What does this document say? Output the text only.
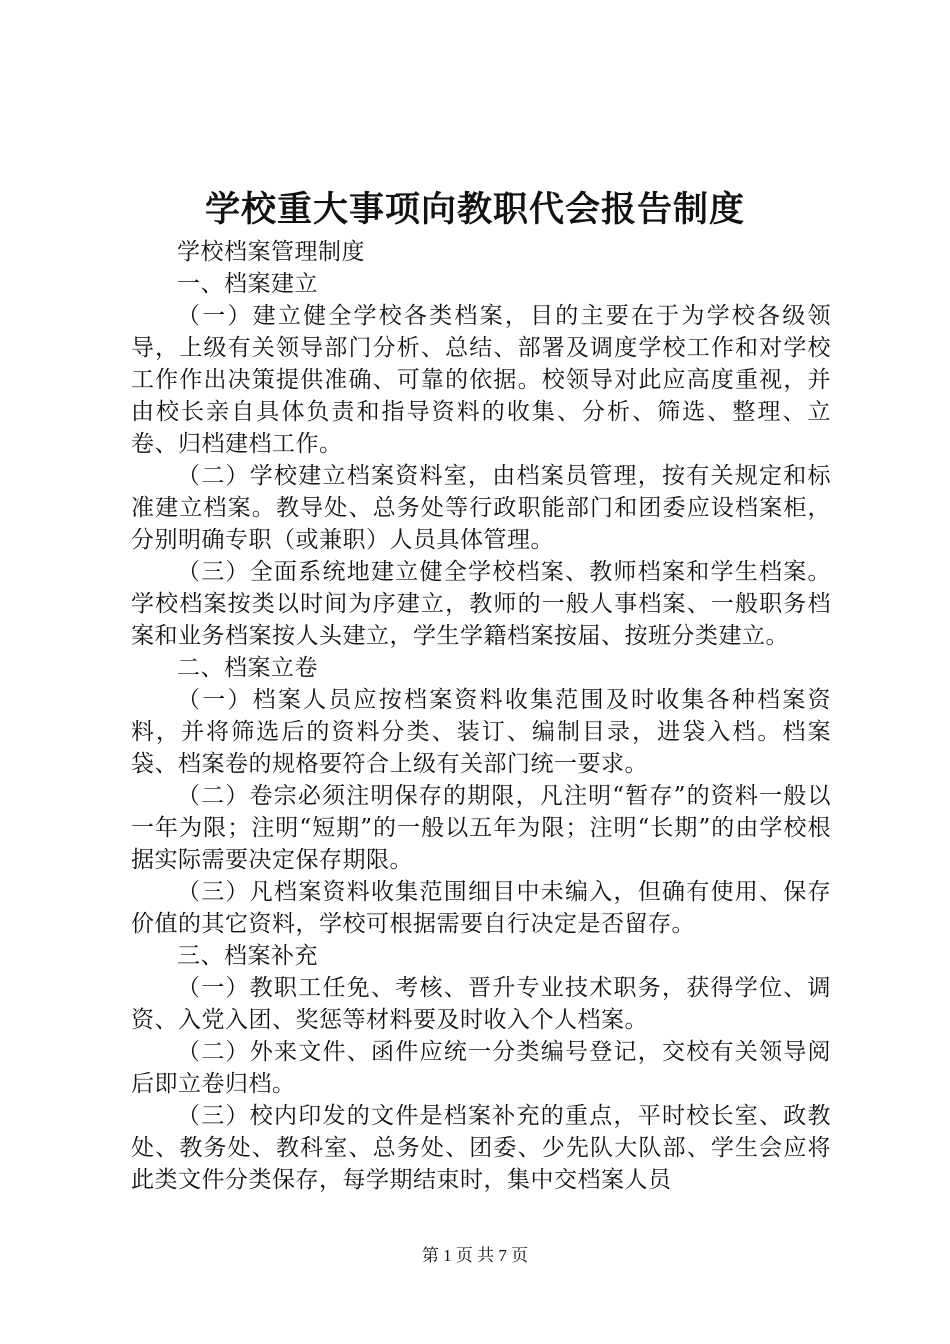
学校重大事项向教职代会报告制度

学校档案管理制度

一、档案建立

（一）建立健全学校各类档案，目的主要在于为学校各级领导，上级有关领导部门分析、总结、部署及调度学校工作和对学校工作作出决策提供准确、可靠的依据。校领导对此应高度重视，并由校长亲自具体负责和指导资料的收集、分析、筛选、整理、立卷、归档建档工作。

（二）学校建立档案资料室，由档案员管理，按有关规定和标准建立档案。教导处、总务处等行政职能部门和团委应设档案柜，分别明确专职（或兼职）人员具体管理。

（三）全面系统地建立健全学校档案、教师档案和学生档案。学校档案按类以时间为序建立，教师的一般人事档案、一般职务档案和业务档案按人头建立，学生学籍档案按届、按班分类建立。

二、档案立卷

（一）档案人员应按档案资料收集范围及时收集各种档案资料，并将筛选后的资料分类、装订、编制目录，进袋入档。档案袋、档案卷的规格要符合上级有关部门统一要求。

（二）卷宗必须注明保存的期限，凡注明“暂存”的资料一般以一年为限；注明“短期”的一般以五年为限；注明“长期”的由学校根据实际需要决定保存期限。

（三）凡档案资料收集范围细目中未编入，但确有使用、保存价值的其它资料，学校可根据需要自行决定是否留存。

三、档案补充

（一）教职工任免、考核、晋升专业技术职务，获得学位、调资、入党入团、奖惩等材料要及时收入个人档案。

（二）外来文件、函件应统一分类编号登记，交校有关领导阅后即立卷归档。

（三）校内印发的文件是档案补充的重点，平时校长室、政教处、教务处、教科室、总务处、团委、少先队大队部、学生会应将此类文件分类保存，每学期结束时，集中交档案人员

第 1 页 共 7 页
